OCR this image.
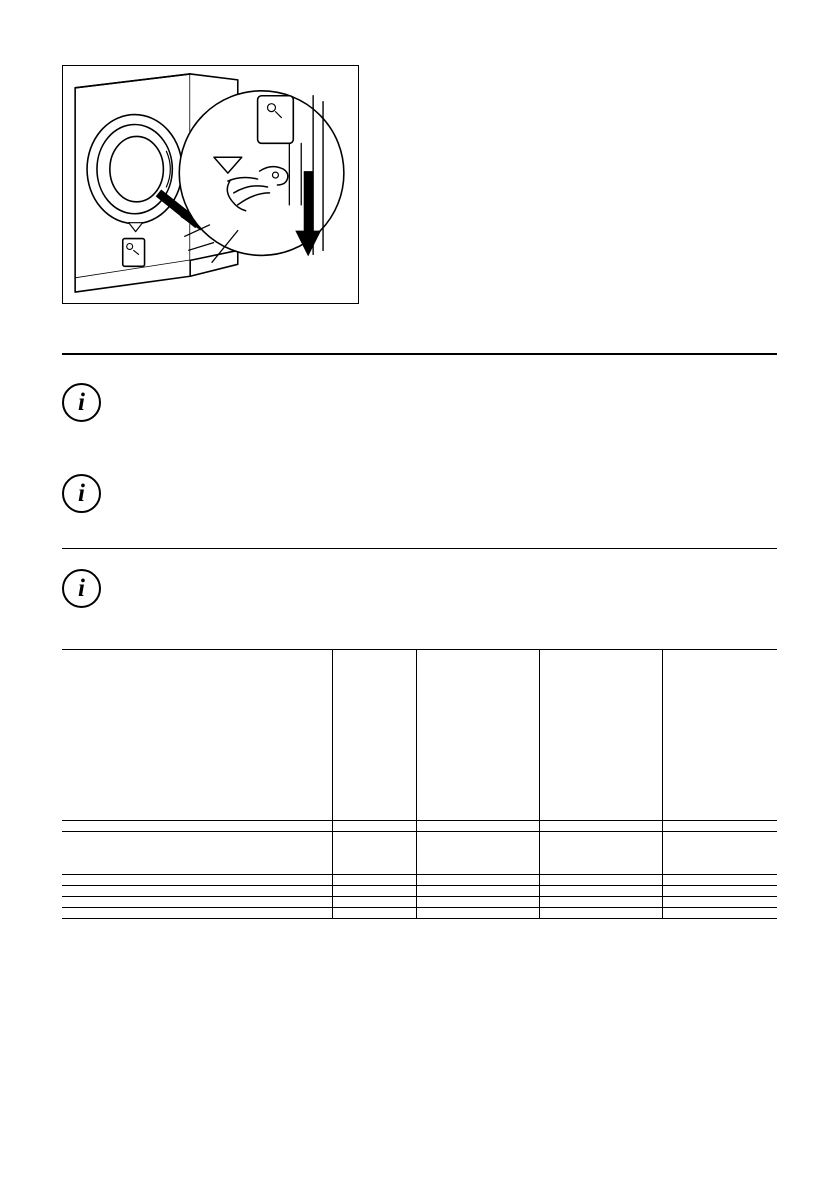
i
i
i
